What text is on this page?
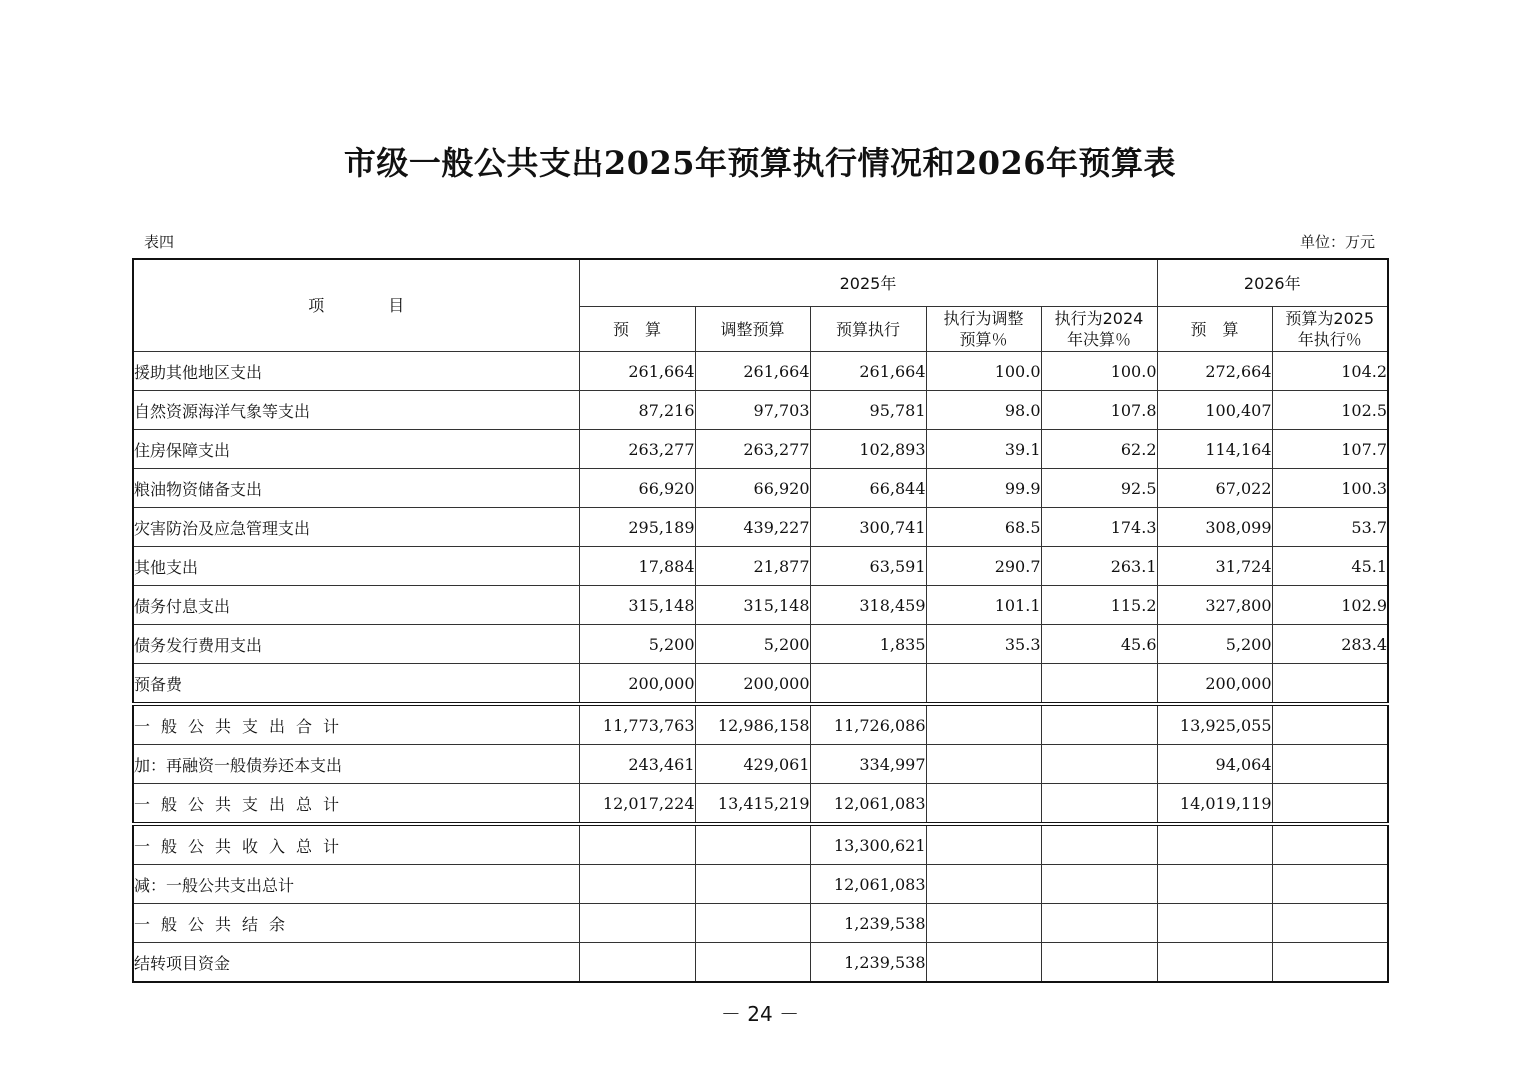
市级一般公共支出2025年预算执行情况和2026年预算表
表四	单位：万元
项　　　　目	2025年					2026年	
	预　算	调整预算	预算执行	执行为调整预算％	执行为2024年决算％	预　算	预算为2025年执行％
援助其他地区支出	261,664	261,664	261,664	100.0	100.0	272,664	104.2
自然资源海洋气象等支出	87,216	97,703	95,781	98.0	107.8	100,407	102.5
住房保障支出	263,277	263,277	102,893	39.1	62.2	114,164	107.7
粮油物资储备支出	66,920	66,920	66,844	99.9	92.5	67,022	100.3
灾害防治及应急管理支出	295,189	439,227	300,741	68.5	174.3	308,099	53.7
其他支出	17,884	21,877	63,591	290.7	263.1	31,724	45.1
债务付息支出	315,148	315,148	318,459	101.1	115.2	327,800	102.9
债务发行费用支出	5,200	5,200	1,835	35.3	45.6	5,200	283.4
预备费	200,000	200,000				200,000	
一般公共支出合计	11,773,763	12,986,158	11,726,086			13,925,055	
加：再融资一般债券还本支出	243,461	429,061	334,997			94,064	
一般公共支出总计	12,017,224	13,415,219	12,061,083			14,019,119	
一般公共收入总计			13,300,621				
减：一般公共支出总计			12,061,083				
一般公共结余			1,239,538				
结转项目资金			1,239,538				
－ 24 －
